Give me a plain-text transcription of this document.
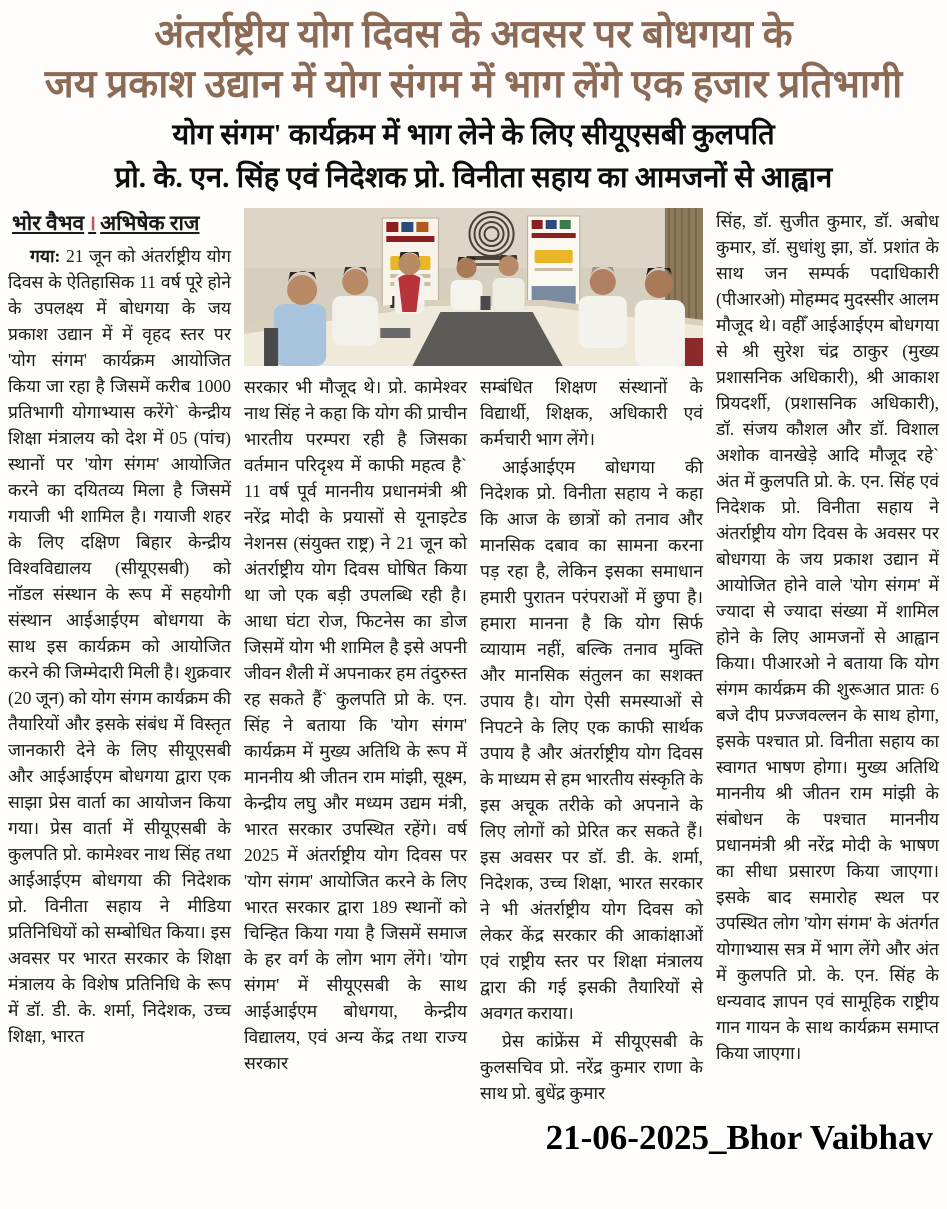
अंतर्राष्ट्रीय योग दिवस के अवसर पर बोधगया के
जय प्रकाश उद्यान में योग संगम में भाग लेंगे एक हजार प्रतिभागी
योग संगम' कार्यक्रम में भाग लेने के लिए सीयूएसबी कुलपति
प्रो. के. एन. सिंह एवं निदेशक प्रो. विनीता सहाय का आमजनों से आह्वान
भोर वैभव । अभिषेक राज

गया: 21 जून को अंतर्राष्ट्रीय योग दिवस के ऐतिहासिक 11 वर्ष पूरे होने के उपलक्ष्य में बोधगया के जय प्रकाश उद्यान में में वृहद स्तर पर 'योग संगम' कार्यक्रम आयोजित किया जा रहा है जिसमें करीब 1000 प्रतिभागी योगाभ्यास करेंगे` केन्द्रीय शिक्षा मंत्रालय को देश में 05 (पांच) स्थानों पर 'योग संगम' आयोजित करने का दयितव्य मिला है जिसमें गयाजी भी शामिल है। गयाजी शहर के लिए दक्षिण बिहार केन्द्रीय विश्वविद्यालय (सीयूएसबी) को नॉडल संस्थान के रूप में सहयोगी संस्थान आईआईएम बोधगया के साथ इस कार्यक्रम को आयोजित करने की जिम्मेदारी मिली है। शुक्रवार (20 जून) को योग संगम कार्यक्रम की तैयारियों और इसके संबंध में विस्तृत जानकारी देने के लिए सीयूएसबी और आईआईएम बोधगया द्वारा एक साझा प्रेस वार्ता का आयोजन किया गया। प्रेस वार्ता में सीयूएसबी के कुलपति प्रो. कामेश्वर नाथ सिंह तथा आईआईएम बोधगया की निदेशक प्रो. विनीता सहाय ने मीडिया प्रतिनिधियों को सम्बोधित किया। इस अवसर पर भारत सरकार के शिक्षा मंत्रालय के विशेष प्रतिनिधि के रूप में डॉ. डी. के. शर्मा, निदेशक, उच्च शिक्षा, भारत

सरकार भी मौजूद थे। प्रो. कामेश्वर नाथ सिंह ने कहा कि योग की प्राचीन भारतीय परम्परा रही है जिसका वर्तमान परिदृश्य में काफी महत्व है` 11 वर्ष पूर्व माननीय प्रधानमंत्री श्री नरेंद्र मोदी के प्रयासों से यूनाइटेड नेशनस (संयुक्त राष्ट्र) ने 21 जून को अंतर्राष्ट्रीय योग दिवस घोषित किया था जो एक बड़ी उपलब्धि रही है। आधा घंटा रोज, फिटनेस का डोज जिसमें योग भी शामिल है इसे अपनी जीवन शैली में अपनाकर हम तंदुरुस्त रह सकते हैं` कुलपति प्रो के. एन. सिंह ने बताया कि 'योग संगम' कार्यक्रम में मुख्य अतिथि के रूप में माननीय श्री जीतन राम मांझी, सूक्ष्म, केन्द्रीय लघु और मध्यम उद्यम मंत्री, भारत सरकार उपस्थित रहेंगे। वर्ष 2025 में अंतर्राष्ट्रीय योग दिवस पर 'योग संगम' आयोजित करने के लिए भारत सरकार द्वारा 189 स्थानों को चिन्हित किया गया है जिसमें समाज के हर वर्ग के लोग भाग लेंगे। 'योग संगम' में सीयूएसबी के साथ आईआईएम बोधगया, केन्द्रीय विद्यालय, एवं अन्य केंद्र तथा राज्य सरकार

सम्बंधित शिक्षण संस्थानों के विद्यार्थी, शिक्षक, अधिकारी एवं कर्मचारी भाग लेंगे।

आईआईएम बोधगया की निदेशक प्रो. विनीता सहाय ने कहा कि आज के छात्रों को तनाव और मानसिक दबाव का सामना करना पड़ रहा है, लेकिन इसका समाधान हमारी पुरातन परंपराओं में छुपा है। हमारा मानना है कि योग सिर्फ व्यायाम नहीं, बल्कि तनाव मुक्ति और मानसिक संतुलन का सशक्त उपाय है। योग ऐसी समस्याओं से निपटने के लिए एक काफी सार्थक उपाय है और अंतर्राष्ट्रीय योग दिवस के माध्यम से हम भारतीय संस्कृति के इस अचूक तरीके को अपनाने के लिए लोगों को प्रेरित कर सकते हैं। इस अवसर पर डॉ. डी. के. शर्मा, निदेशक, उच्च शिक्षा, भारत सरकार ने भी अंतर्राष्ट्रीय योग दिवस को लेकर केंद्र सरकार की आकांक्षाओं एवं राष्ट्रीय स्तर पर शिक्षा मंत्रालय द्वारा की गई इसकी तैयारियों से अवगत कराया।

प्रेस कांफ्रेंस में सीयूएसबी के कुलसचिव प्रो. नरेंद्र कुमार राणा के साथ प्रो. बुधेंद्र कुमार

सिंह, डॉ. सुजीत कुमार, डॉ. अबोध कुमार, डॉ. सुधांशु झा, डॉ. प्रशांत के साथ जन सम्पर्क पदाधिकारी (पीआरओ) मोहम्मद मुदस्सीर आलम मौजूद थे। वहीँ आईआईएम बोधगया से श्री सुरेश चंद्र ठाकुर (मुख्य प्रशासनिक अधिकारी), श्री आकाश प्रियदर्शी, (प्रशासनिक अधिकारी), डॉ. संजय कौशल और डॉ. विशाल अशोक वानखेड़े आदि मौजूद रहे` अंत में कुलपति प्रो. के. एन. सिंह एवं निदेशक प्रो. विनीता सहाय ने अंतर्राष्ट्रीय योग दिवस के अवसर पर बोधगया के जय प्रकाश उद्यान में आयोजित होने वाले 'योग संगम' में ज्यादा से ज्यादा संख्या में शामिल होने के लिए आमजनों से आह्वान किया। पीआरओ ने बताया कि योग संगम कार्यक्रम की शुरूआत प्रातः 6 बजे दीप प्रज्जवल्लन के साथ होगा, इसके पश्चात प्रो. विनीता सहाय का स्वागत भाषण होगा। मुख्य अतिथि माननीय श्री जीतन राम मांझी के संबोधन के पश्चात माननीय प्रधानमंत्री श्री नरेंद्र मोदी के भाषण का सीधा प्रसारण किया जाएगा। इसके बाद समारोह स्थल पर उपस्थित लोग 'योग संगम' के अंतर्गत योगाभ्यास सत्र में भाग लेंगे और अंत में कुलपति प्रो. के. एन. सिंह के धन्यवाद ज्ञापन एवं सामूहिक राष्ट्रीय गान गायन के साथ कार्यक्रम समाप्त किया जाएगा।

21-06-2025_Bhor Vaibhav
